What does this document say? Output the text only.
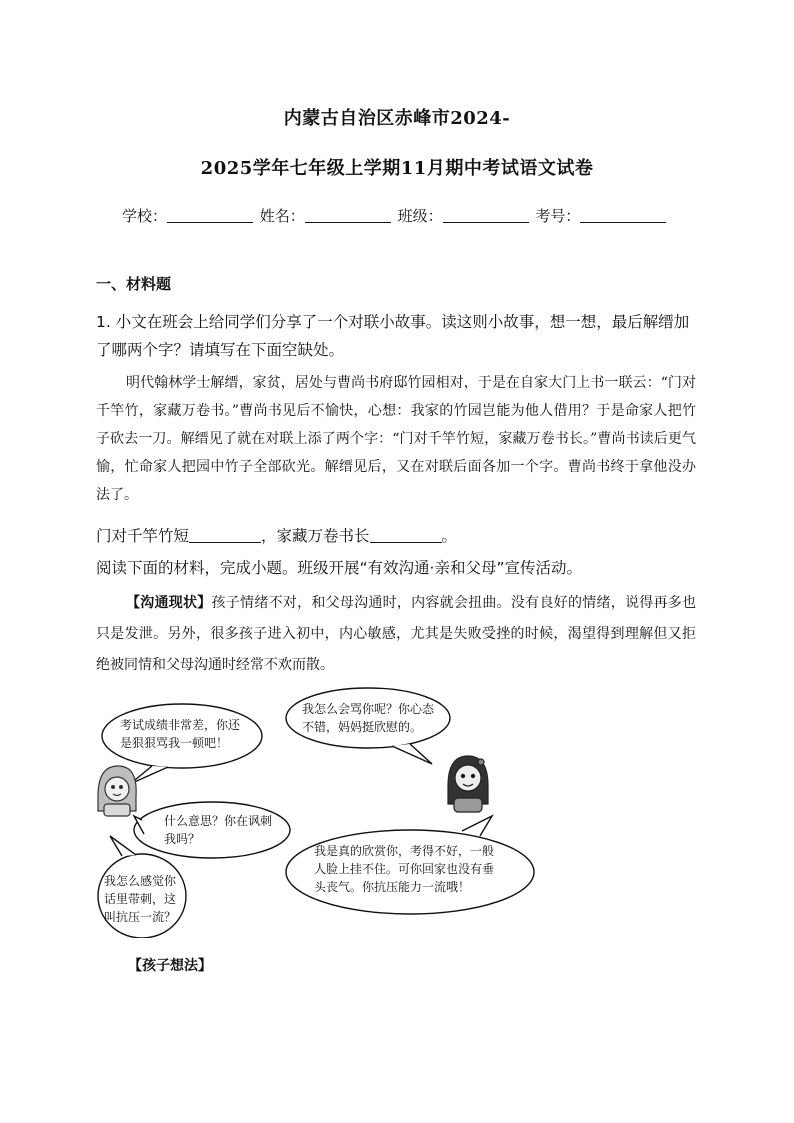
内蒙古自治区赤峰市2024-
2025学年七年级上学期11月期中考试语文试卷
学校：	姓名：	班级：	考号：
一、材料题
1. 小文在班会上给同学们分享了一个对联小故事。读这则小故事，想一想，最后解缙加了哪两个字？请填写在下面空缺处。
明代翰林学士解缙，家贫，居处与曹尚书府邸竹园相对，于是在自家大门上书一联云：“门对千竿竹，家藏万卷书。”曹尚书见后不愉快，心想：我家的竹园岂能为他人借用？于是命家人把竹子砍去一刀。解缙见了就在对联上添了两个字：“门对千竿竹短，家藏万卷书长。”曹尚书读后更气愉，忙命家人把园中竹子全部砍光。解缙见后，又在对联后面各加一个字。曹尚书终于拿他没办法了。
门对千竿竹短	，家藏万卷书长	。
阅读下面的材料，完成小题。班级开展“有效沟通·亲和父母”宣传活动。
【沟通现状】孩子情绪不对，和父母沟通时，内容就会扭曲。没有良好的情绪，说得再多也只是发泄。另外，很多孩子进入初中，内心敏感，尤其是失败受挫的时候，渴望得到理解但又拒绝被同情和父母沟通时经常不欢而散。
考试成绩非常差，你还
是狠狠骂我一顿吧！
我怎么会骂你呢？你心态
不错，妈妈挺欣慰的。
什么意思？你在讽刺
我吗？
我是真的欣赏你，考得不好，一般
人脸上挂不住。可你回家也没有垂
头丧气。你抗压能力一流哦！
我怎么感觉你
话里带刺，这
叫抗压一流？
【孩子想法】
